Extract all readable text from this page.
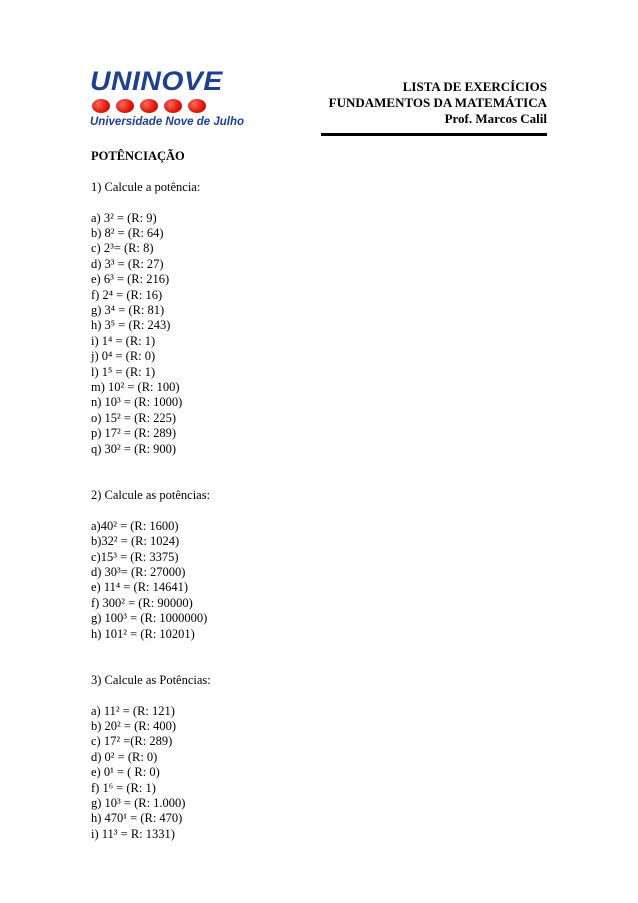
UNINOVE
Universidade Nove de Julho
LISTA DE EXERCÍCIOS
FUNDAMENTOS DA MATEMÁTICA
Prof. Marcos Calil

POTÊNCIAÇÃO

1) Calcule a potência:

a) 3² = (R: 9)
b) 8² = (R: 64)
c) 2³= (R: 8)
d) 3³ = (R: 27)
e) 6³ = (R: 216)
f) 2⁴ = (R: 16)
g) 3⁴ = (R: 81)
h) 3⁵ = (R: 243)
i) 1⁴ = (R: 1)
j) 0⁴ = (R: 0)
l) 1⁵ = (R: 1)
m) 10² = (R: 100)
n) 10³ = (R: 1000)
o) 15² = (R: 225)
p) 17² = (R: 289)
q) 30² = (R: 900)

2) Calcule as potências:

a)40² = (R: 1600)
b)32² = (R: 1024)
c)15³ = (R: 3375)
d) 30³= (R: 27000)
e) 11⁴ = (R: 14641)
f) 300² = (R: 90000)
g) 100³ = (R: 1000000)
h) 101² = (R: 10201)

3) Calcule as Potências:

a) 11² = (R: 121)
b) 20² = (R: 400)
c) 17² =(R: 289)
d) 0² = (R: 0)
e) 0¹ = ( R: 0)
f) 1⁶ = (R: 1)
g) 10³ = (R: 1.000)
h) 470¹ = (R: 470)
i) 11³ = R: 1331)
